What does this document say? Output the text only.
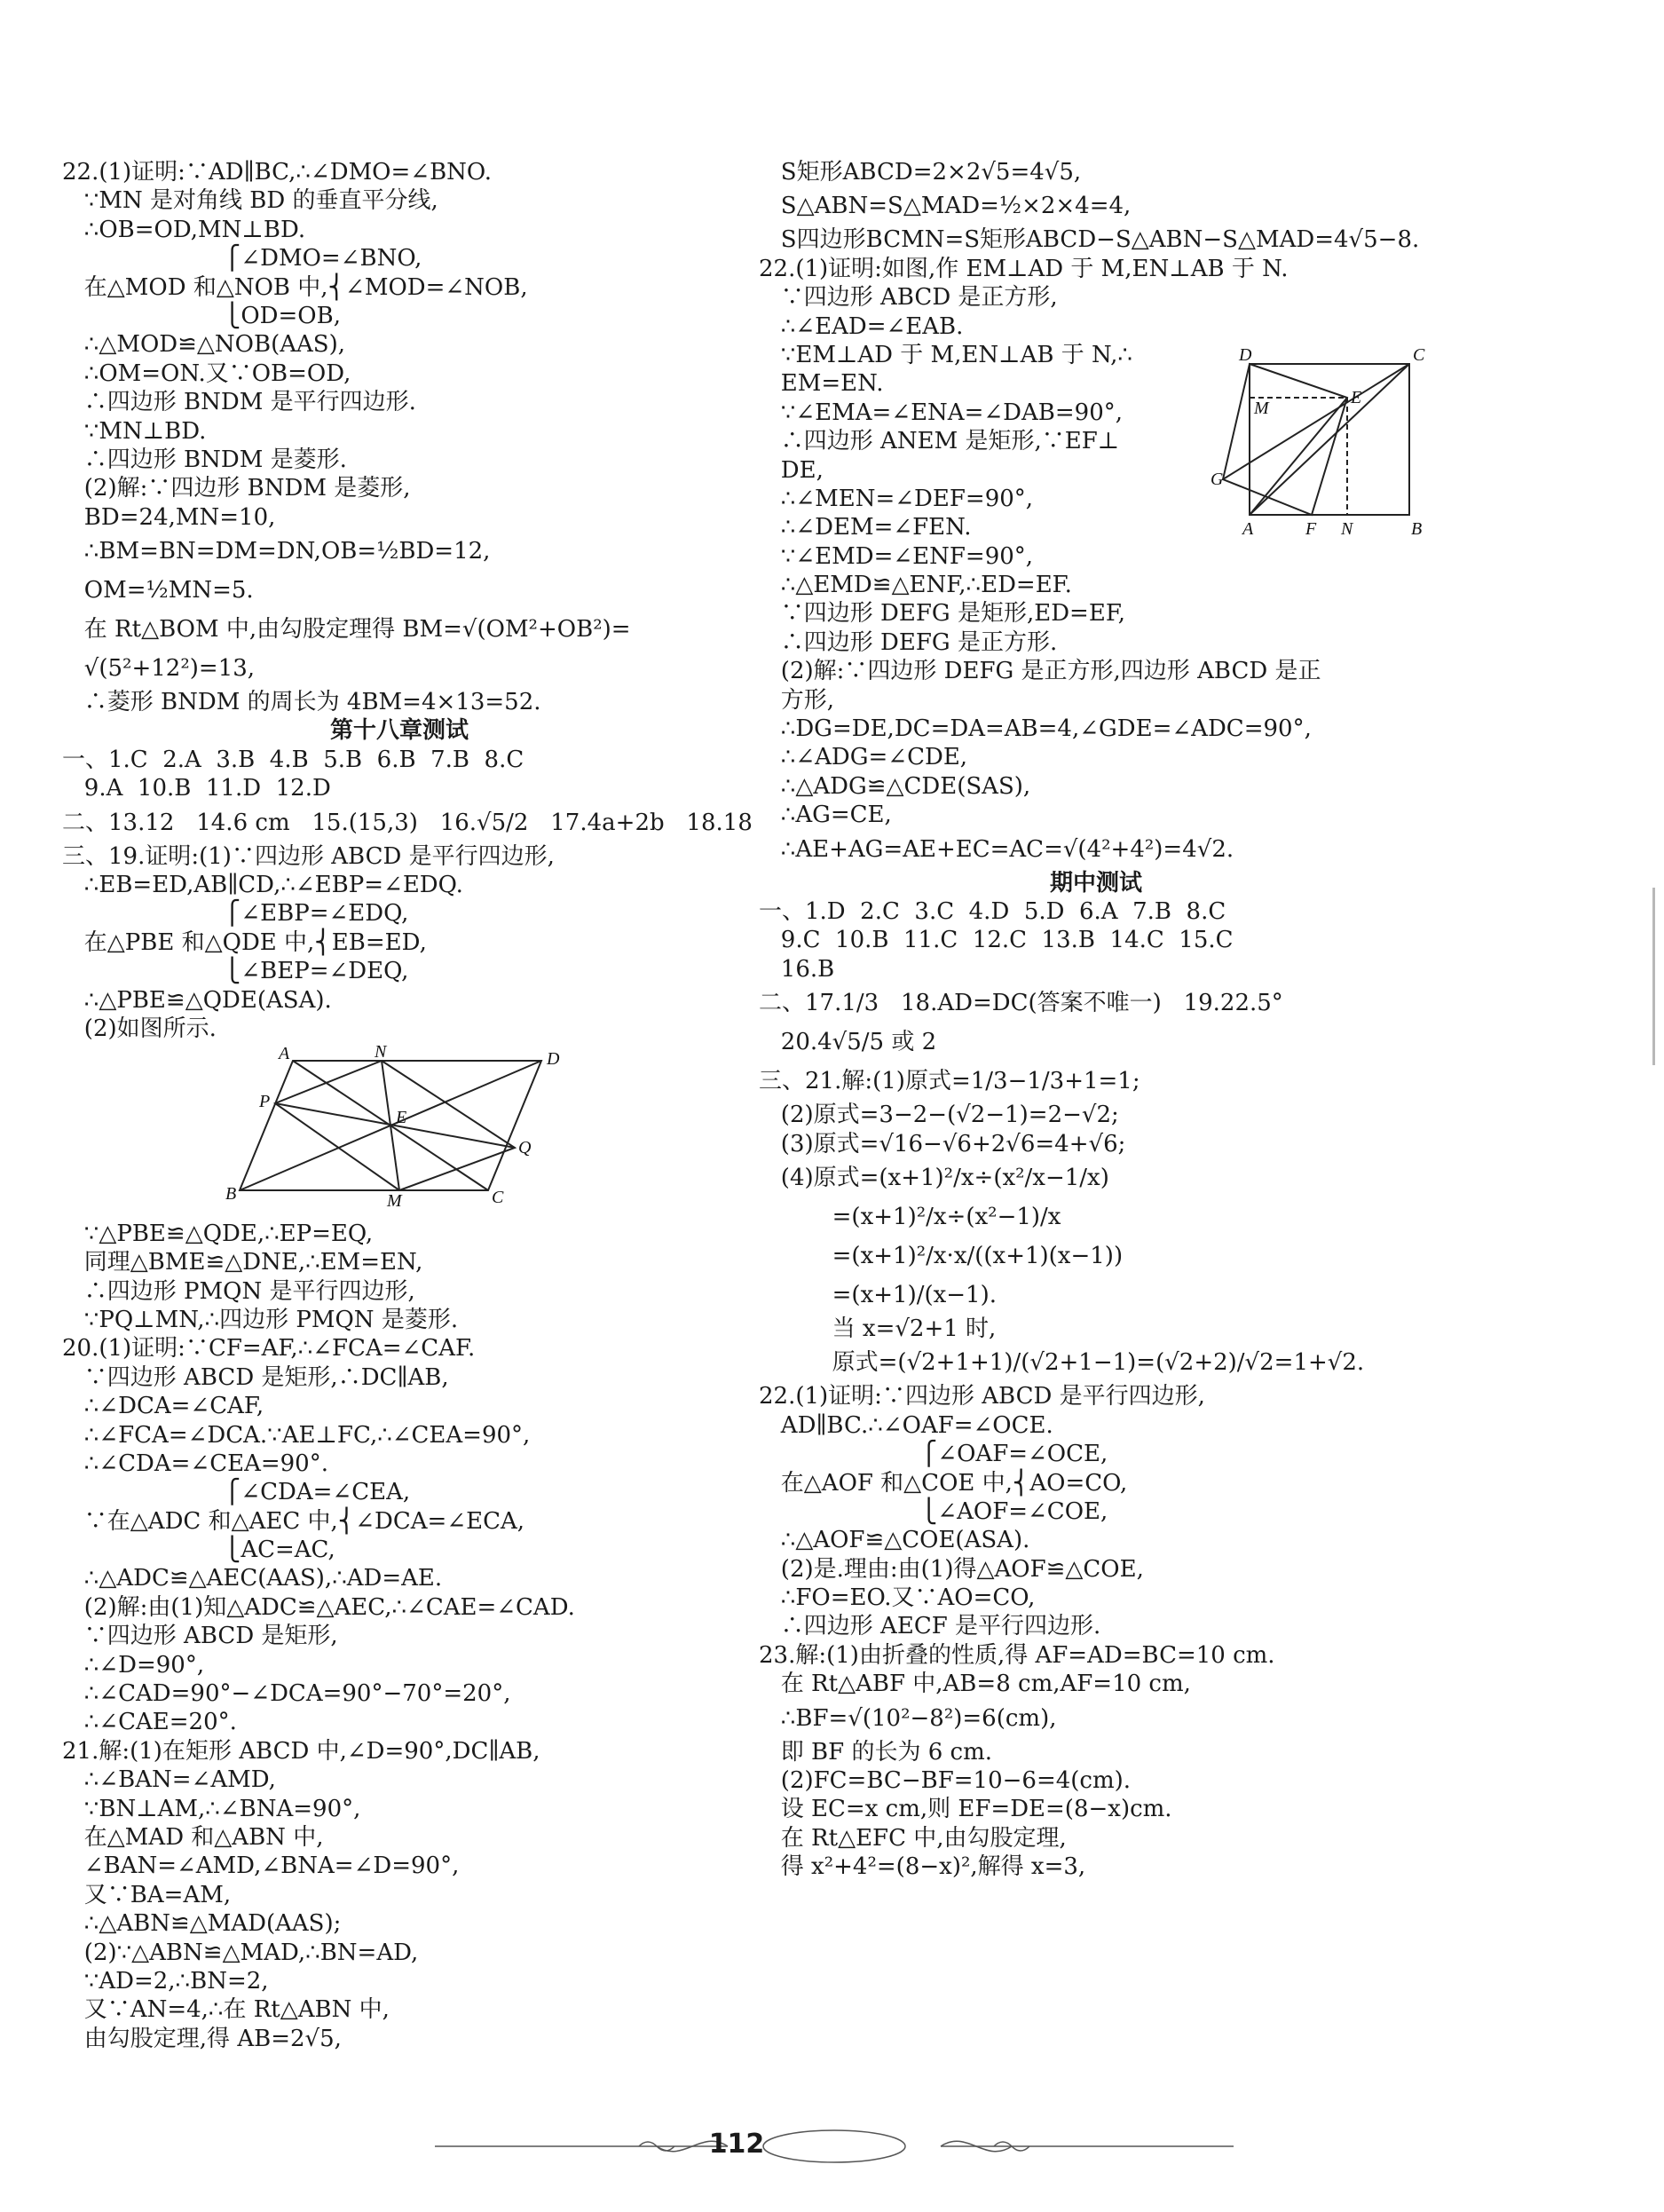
22.(1)证明:∵AD∥BC,∴∠DMO=∠BNO.
∵MN 是对角线 BD 的垂直平分线,
∴OB=OD,MN⊥BD.
⎧∠DMO=∠BNO,
在△MOD 和△NOB 中,⎨∠MOD=∠NOB,
⎩OD=OB,
∴△MOD≌△NOB(AAS),
∴OM=ON.又∵OB=OD,
∴四边形 BNDM 是平行四边形.
∵MN⊥BD.
∴四边形 BNDM 是菱形.
(2)解:∵四边形 BNDM 是菱形,
BD=24,MN=10,
∴BM=BN=DM=DN,OB=½BD=12,
OM=½MN=5.
在 Rt△BOM 中,由勾股定理得 BM=√(OM²+OB²)=
√(5²+12²)=13,
∴菱形 BNDM 的周长为 4BM=4×13=52.
第十八章测试
一、1.C  2.A  3.B  4.B  5.B  6.B  7.B  8.C
9.A  10.B  11.D  12.D
二、13.12   14.6 cm   15.(15,3)   16.√5/2   17.4a+2b   18.18
三、19.证明:(1)∵四边形 ABCD 是平行四边形,
∴EB=ED,AB∥CD,∴∠EBP=∠EDQ.
⎧∠EBP=∠EDQ,
在△PBE 和△QDE 中,⎨EB=ED,
⎩∠BEP=∠DEQ,
∴△PBE≌△QDE(ASA).
(2)如图所示.
A	N	D
P
E
Q
B	M	C
∵△PBE≌△QDE,∴EP=EQ,
同理△BME≌△DNE,∴EM=EN,
∴四边形 PMQN 是平行四边形,
∵PQ⊥MN,∴四边形 PMQN 是菱形.
20.(1)证明:∵CF=AF,∴∠FCA=∠CAF.
∵四边形 ABCD 是矩形,∴DC∥AB,
∴∠DCA=∠CAF,
∴∠FCA=∠DCA.∵AE⊥FC,∴∠CEA=90°,
∴∠CDA=∠CEA=90°.
⎧∠CDA=∠CEA,
∵在△ADC 和△AEC 中,⎨∠DCA=∠ECA,
⎩AC=AC,
∴△ADC≌△AEC(AAS),∴AD=AE.
(2)解:由(1)知△ADC≌△AEC,∴∠CAE=∠CAD.
∵四边形 ABCD 是矩形,
∴∠D=90°,
∴∠CAD=90°−∠DCA=90°−70°=20°,
∴∠CAE=20°.
21.解:(1)在矩形 ABCD 中,∠D=90°,DC∥AB,
∴∠BAN=∠AMD,
∵BN⊥AM,∴∠BNA=90°,
在△MAD 和△ABN 中,
∠BAN=∠AMD,∠BNA=∠D=90°,
又∵BA=AM,
∴△ABN≌△MAD(AAS);
(2)∵△ABN≌△MAD,∴BN=AD,
∵AD=2,∴BN=2,
又∵AN=4,∴在 Rt△ABN 中,
由勾股定理,得 AB=2√5,
D	C
M
E
G
A	F N	B
S矩形ABCD=2×2√5=4√5,
S△ABN=S△MAD=½×2×4=4,
S四边形BCMN=S矩形ABCD−S△ABN−S△MAD=4√5−8.
22.(1)证明:如图,作 EM⊥AD 于 M,EN⊥AB 于 N.
∵四边形 ABCD 是正方形,
∴∠EAD=∠EAB.
∵EM⊥AD 于 M,EN⊥AB 于 N,∴
EM=EN.
∵∠EMA=∠ENA=∠DAB=90°,
∴四边形 ANEM 是矩形,∵EF⊥
DE,
∴∠MEN=∠DEF=90°,
∴∠DEM=∠FEN.
∵∠EMD=∠ENF=90°,
∴△EMD≌△ENF,∴ED=EF.
∵四边形 DEFG 是矩形,ED=EF,
∴四边形 DEFG 是正方形.
(2)解:∵四边形 DEFG 是正方形,四边形 ABCD 是正
方形,
∴DG=DE,DC=DA=AB=4,∠GDE=∠ADC=90°,
∴∠ADG=∠CDE,
∴△ADG≌△CDE(SAS),
∴AG=CE,
∴AE+AG=AE+EC=AC=√(4²+4²)=4√2.
期中测试
一、1.D  2.C  3.C  4.D  5.D  6.A  7.B  8.C
9.C  10.B  11.C  12.C  13.B  14.C  15.C
16.B
二、17.1/3   18.AD=DC(答案不唯一)   19.22.5°
20.4√5/5 或 2
三、21.解:(1)原式=1/3−1/3+1=1;
(2)原式=3−2−(√2−1)=2−√2;
(3)原式=√16−√6+2√6=4+√6;
(4)原式=(x+1)²/x÷(x²/x−1/x)
=(x+1)²/x÷(x²−1)/x
=(x+1)²/x·x/((x+1)(x−1))
=(x+1)/(x−1).
当 x=√2+1 时,
原式=(√2+1+1)/(√2+1−1)=(√2+2)/√2=1+√2.
22.(1)证明:∵四边形 ABCD 是平行四边形,
AD∥BC.∴∠OAF=∠OCE.
⎧∠OAF=∠OCE,
在△AOF 和△COE 中,⎨AO=CO,
⎩∠AOF=∠COE,
∴△AOF≌△COE(ASA).
(2)是.理由:由(1)得△AOF≌△COE,
∴FO=EO.又∵AO=CO,
∴四边形 AECF 是平行四边形.
23.解:(1)由折叠的性质,得 AF=AD=BC=10 cm.
在 Rt△ABF 中,AB=8 cm,AF=10 cm,
∴BF=√(10²−8²)=6(cm),
即 BF 的长为 6 cm.
(2)FC=BC−BF=10−6=4(cm).
设 EC=x cm,则 EF=DE=(8−x)cm.
在 Rt△EFC 中,由勾股定理,
得 x²+4²=(8−x)²,解得 x=3,
112
